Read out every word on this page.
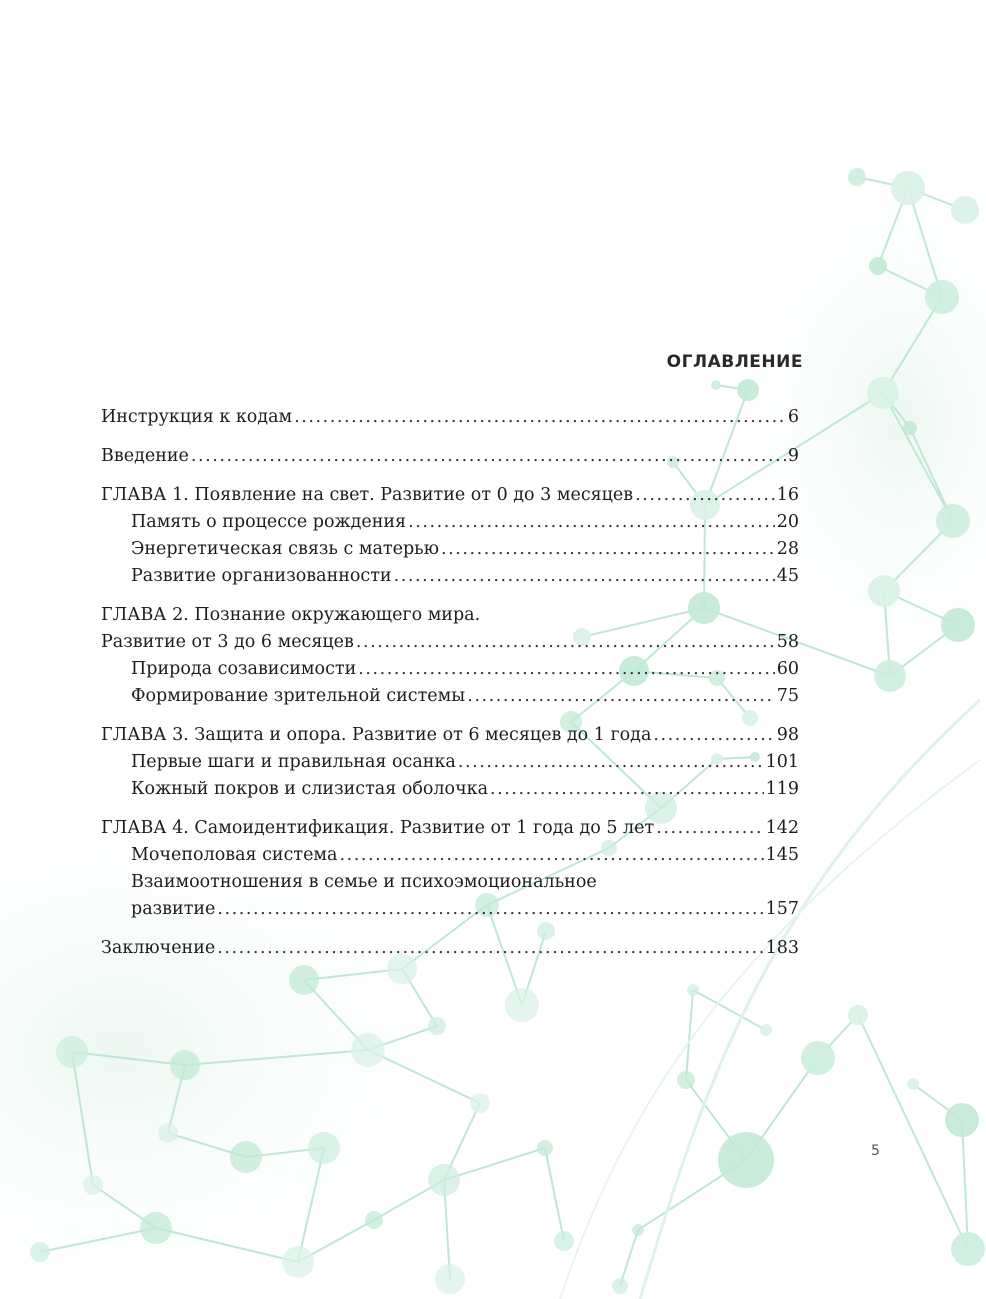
ОГЛАВЛЕНИЕ
Инструкция к кодам . . .	6
Введение . . .	9
ГЛАВА 1. Появление на свет. Развитие от 0 до 3 месяцев . . .	16
Память о процессе рождения . . .	20
Энергетическая связь с матерью . . .	28
Развитие организованности . . .	45
ГЛАВА 2. Познание окружающего мира.
Развитие от 3 до 6 месяцев . . .	58
Природа созависимости . . .	60
Формирование зрительной системы . . .	75
ГЛАВА 3. Защита и опора. Развитие от 6 месяцев до 1 года . . .	98
Первые шаги и правильная осанка . . .	101
Кожный покров и слизистая оболочка . . .	119
ГЛАВА 4. Самоидентификация. Развитие от 1 года до 5 лет . . .	142
Мочеполовая система . . .	145
Взаимоотношения в семье и психоэмоциональное
развитие . . .	157
Заключение . . .	183
5
